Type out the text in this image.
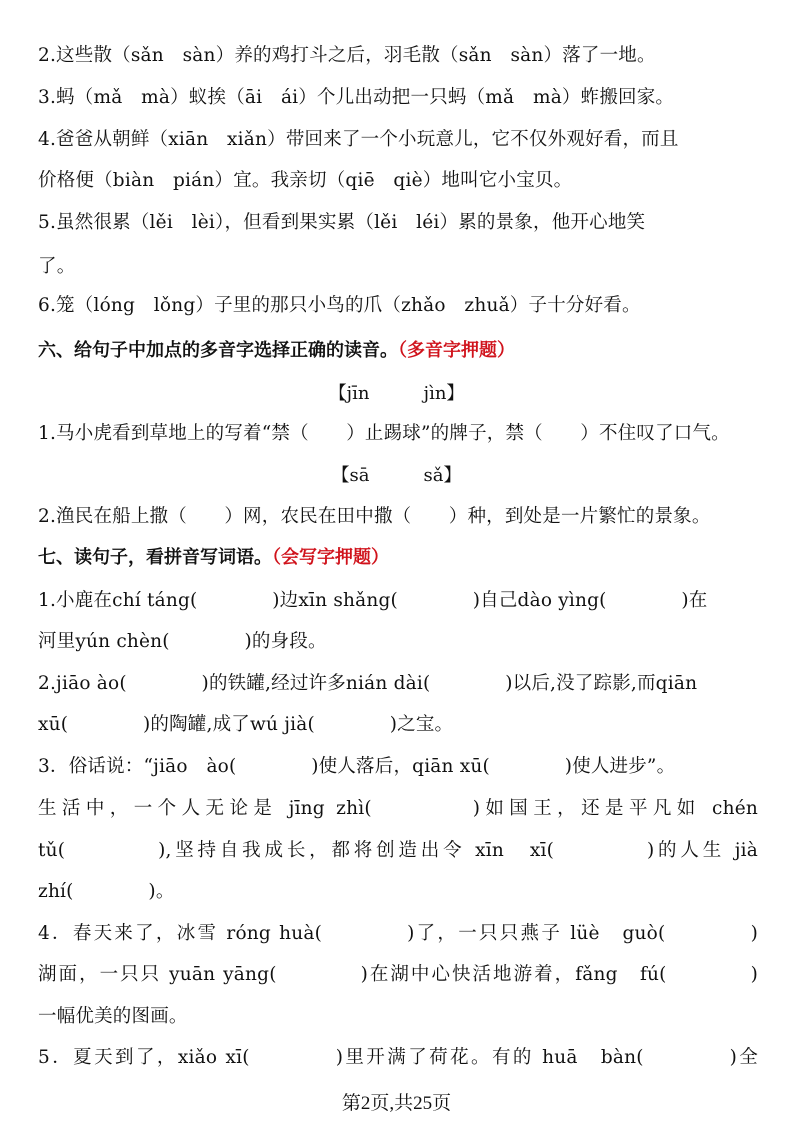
2.这些散（sǎn　sàn）养的鸡打斗之后，羽毛散（sǎn　sàn）落了一地。
3.蚂（mǎ　mà）蚁挨（āi　ái）个儿出动把一只蚂（mǎ　mà）蚱搬回家。
4.爸爸从朝鲜（xiān　xiǎn）带回来了一个小玩意儿，它不仅外观好看，而且
价格便（biàn　pián）宜。我亲切（qiē　qiè）地叫它小宝贝。
5.虽然很累（lěi　lèi），但看到果实累（lěi　léi）累的景象，他开心地笑
了。
6.笼（lóng　lǒng）子里的那只小鸟的爪（zhǎo　zhuǎ）子十分好看。
六、给句子中加点的多音字选择正确的读音。（多音字押题）
【jīn　　　jìn】
1.马小虎看到草地上的写着“禁（　　）止踢球”的牌子，禁（　　）不住叹了口气。
【sā　　　sǎ】
2.渔民在船上撒（　　）网，农民在田中撒（　　）种，到处是一片繁忙的景象。
七、读句子，看拼音写词语。（会写字押题）
1.小鹿在chí táng(　　　　)边xīn shǎng(　　　　)自己dào yìng(　　　　)在
河里yún chèn(　　　　)的身段。
2.jiāo ào(　　　　)的铁罐,经过许多nián dài(　　　　)以后,没了踪影,而qiān
xū(　　　　)的陶罐,成了wú jià(　　　　)之宝。
3．俗话说：“jiāo　ào(　　　　)使人落后，qiān xū(　　　　)使人进步”。
生活中，一个人无论是 jīng zhì(　　　　)如国王，还是平凡如 chén
tǔ(　　　　),坚持自我成长，都将创造出令 xīn　xī(　　　　)的人生 jià
zhí(　　　　)。
4．春天来了，冰雪 róng huà(　　　　)了，一只只燕子 lüè　guò(　　　　)
湖面，一只只 yuān yāng(　　　　)在湖中心快活地游着，fǎng　fú(　　　　)
一幅优美的图画。
5．夏天到了，xiǎo xī(　　　　)里开满了荷花。有的 huā　bàn(　　　　)全
第2页,共25页
